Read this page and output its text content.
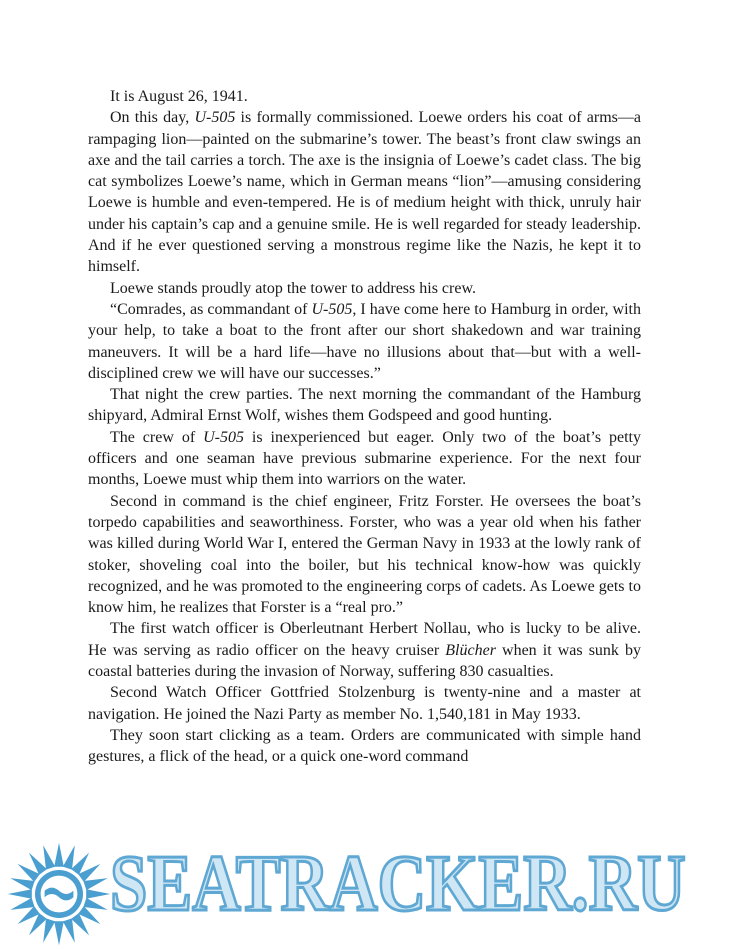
It is August 26, 1941.

On this day, U-505 is formally commissioned. Loewe orders his coat of arms—a rampaging lion—painted on the submarine’s tower. The beast’s front claw swings an axe and the tail carries a torch. The axe is the insignia of Loewe’s cadet class. The big cat symbolizes Loewe’s name, which in German means “lion”—amusing considering Loewe is humble and even-tempered. He is of medium height with thick, unruly hair under his captain’s cap and a genuine smile. He is well regarded for steady leadership. And if he ever questioned serving a monstrous regime like the Nazis, he kept it to himself.

Loewe stands proudly atop the tower to address his crew.

“Comrades, as commandant of U-505, I have come here to Hamburg in order, with your help, to take a boat to the front after our short shakedown and war training maneuvers. It will be a hard life—have no illusions about that—but with a well-disciplined crew we will have our successes.”

That night the crew parties. The next morning the commandant of the Hamburg shipyard, Admiral Ernst Wolf, wishes them Godspeed and good hunting.

The crew of U-505 is inexperienced but eager. Only two of the boat’s petty officers and one seaman have previous submarine experience. For the next four months, Loewe must whip them into warriors on the water.

Second in command is the chief engineer, Fritz Forster. He oversees the boat’s torpedo capabilities and seaworthiness. Forster, who was a year old when his father was killed during World War I, entered the German Navy in 1933 at the lowly rank of stoker, shoveling coal into the boiler, but his technical know-how was quickly recognized, and he was promoted to the engineering corps of cadets. As Loewe gets to know him, he realizes that Forster is a “real pro.”

The first watch officer is Oberleutnant Herbert Nollau, who is lucky to be alive. He was serving as radio officer on the heavy cruiser Blücher when it was sunk by coastal batteries during the invasion of Norway, suffering 830 casualties.

Second Watch Officer Gottfried Stolzenburg is twenty-nine and a master at navigation. He joined the Nazi Party as member No. 1,540,181 in May 1933.

They soon start clicking as a team. Orders are communicated with simple hand gestures, a flick of the head, or a quick one-word command

SEATRACKER.RU
